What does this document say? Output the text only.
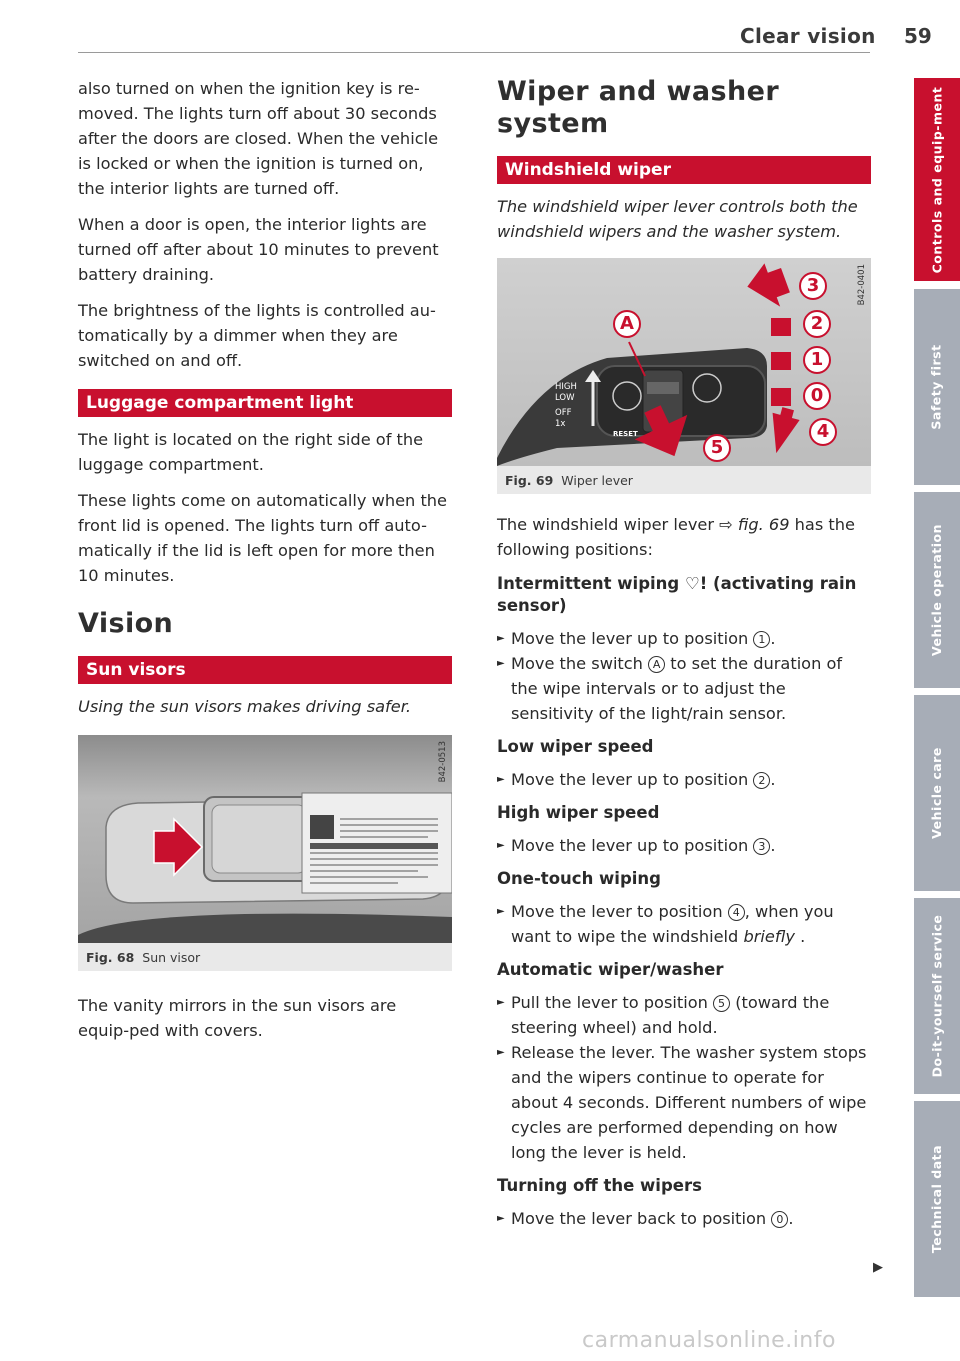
Clear vision 59

also turned on when the ignition key is re-moved. The lights turn off about 30 seconds after the doors are closed. When the vehicle is locked or when the ignition is turned on, the interior lights are turned off.

When a door is open, the interior lights are turned off after about 10 minutes to prevent battery draining.

The brightness of the lights is controlled au-tomatically by a dimmer when they are switched on and off.

Luggage compartment light

The light is located on the right side of the luggage compartment.

These lights come on automatically when the front lid is opened. The lights turn off auto-matically if the lid is left open for more then 10 minutes.

Vision
Sun visors

Using the sun visors makes driving safer.

B42-0513
Fig. 68 Sun visor

The vanity mirrors in the sun visors are equip-ped with covers.

Wiper and washer system
Windshield wiper

The windshield wiper lever controls both the windshield wipers and the washer system.

HIGH
LOW
OFF
1x
RESET
A
3
2
1
0
4
5
B42-0401
Fig. 69 Wiper lever

The windshield wiper lever ⇨ fig. 69 has the following positions:

Intermittent wiping ♡! (activating rain sensor)
► Move the lever up to position 1 .
► Move the switch A to set the duration of the wipe intervals or to adjust the sensitivity of the light/rain sensor.
Low wiper speed
► Move the lever up to position 2 .
High wiper speed
► Move the lever up to position 3 .
One-touch wiping
► Move the lever to position 4 , when you want to wipe the windshield briefly .
Automatic wiper/washer
► Pull the lever to position 5 (toward the steering wheel) and hold.
► Release the lever. The washer system stops and the wipers continue to operate for about 4 seconds. Different numbers of wipe cycles are performed depending on how long the lever is held.
Turning off the wipers
► Move the lever back to position 0 .
▶
Controls and equip-ment
Safety first
Vehicle operation
Vehicle care
Do-it-yourself service
Technical data
carmanualsonline.info
